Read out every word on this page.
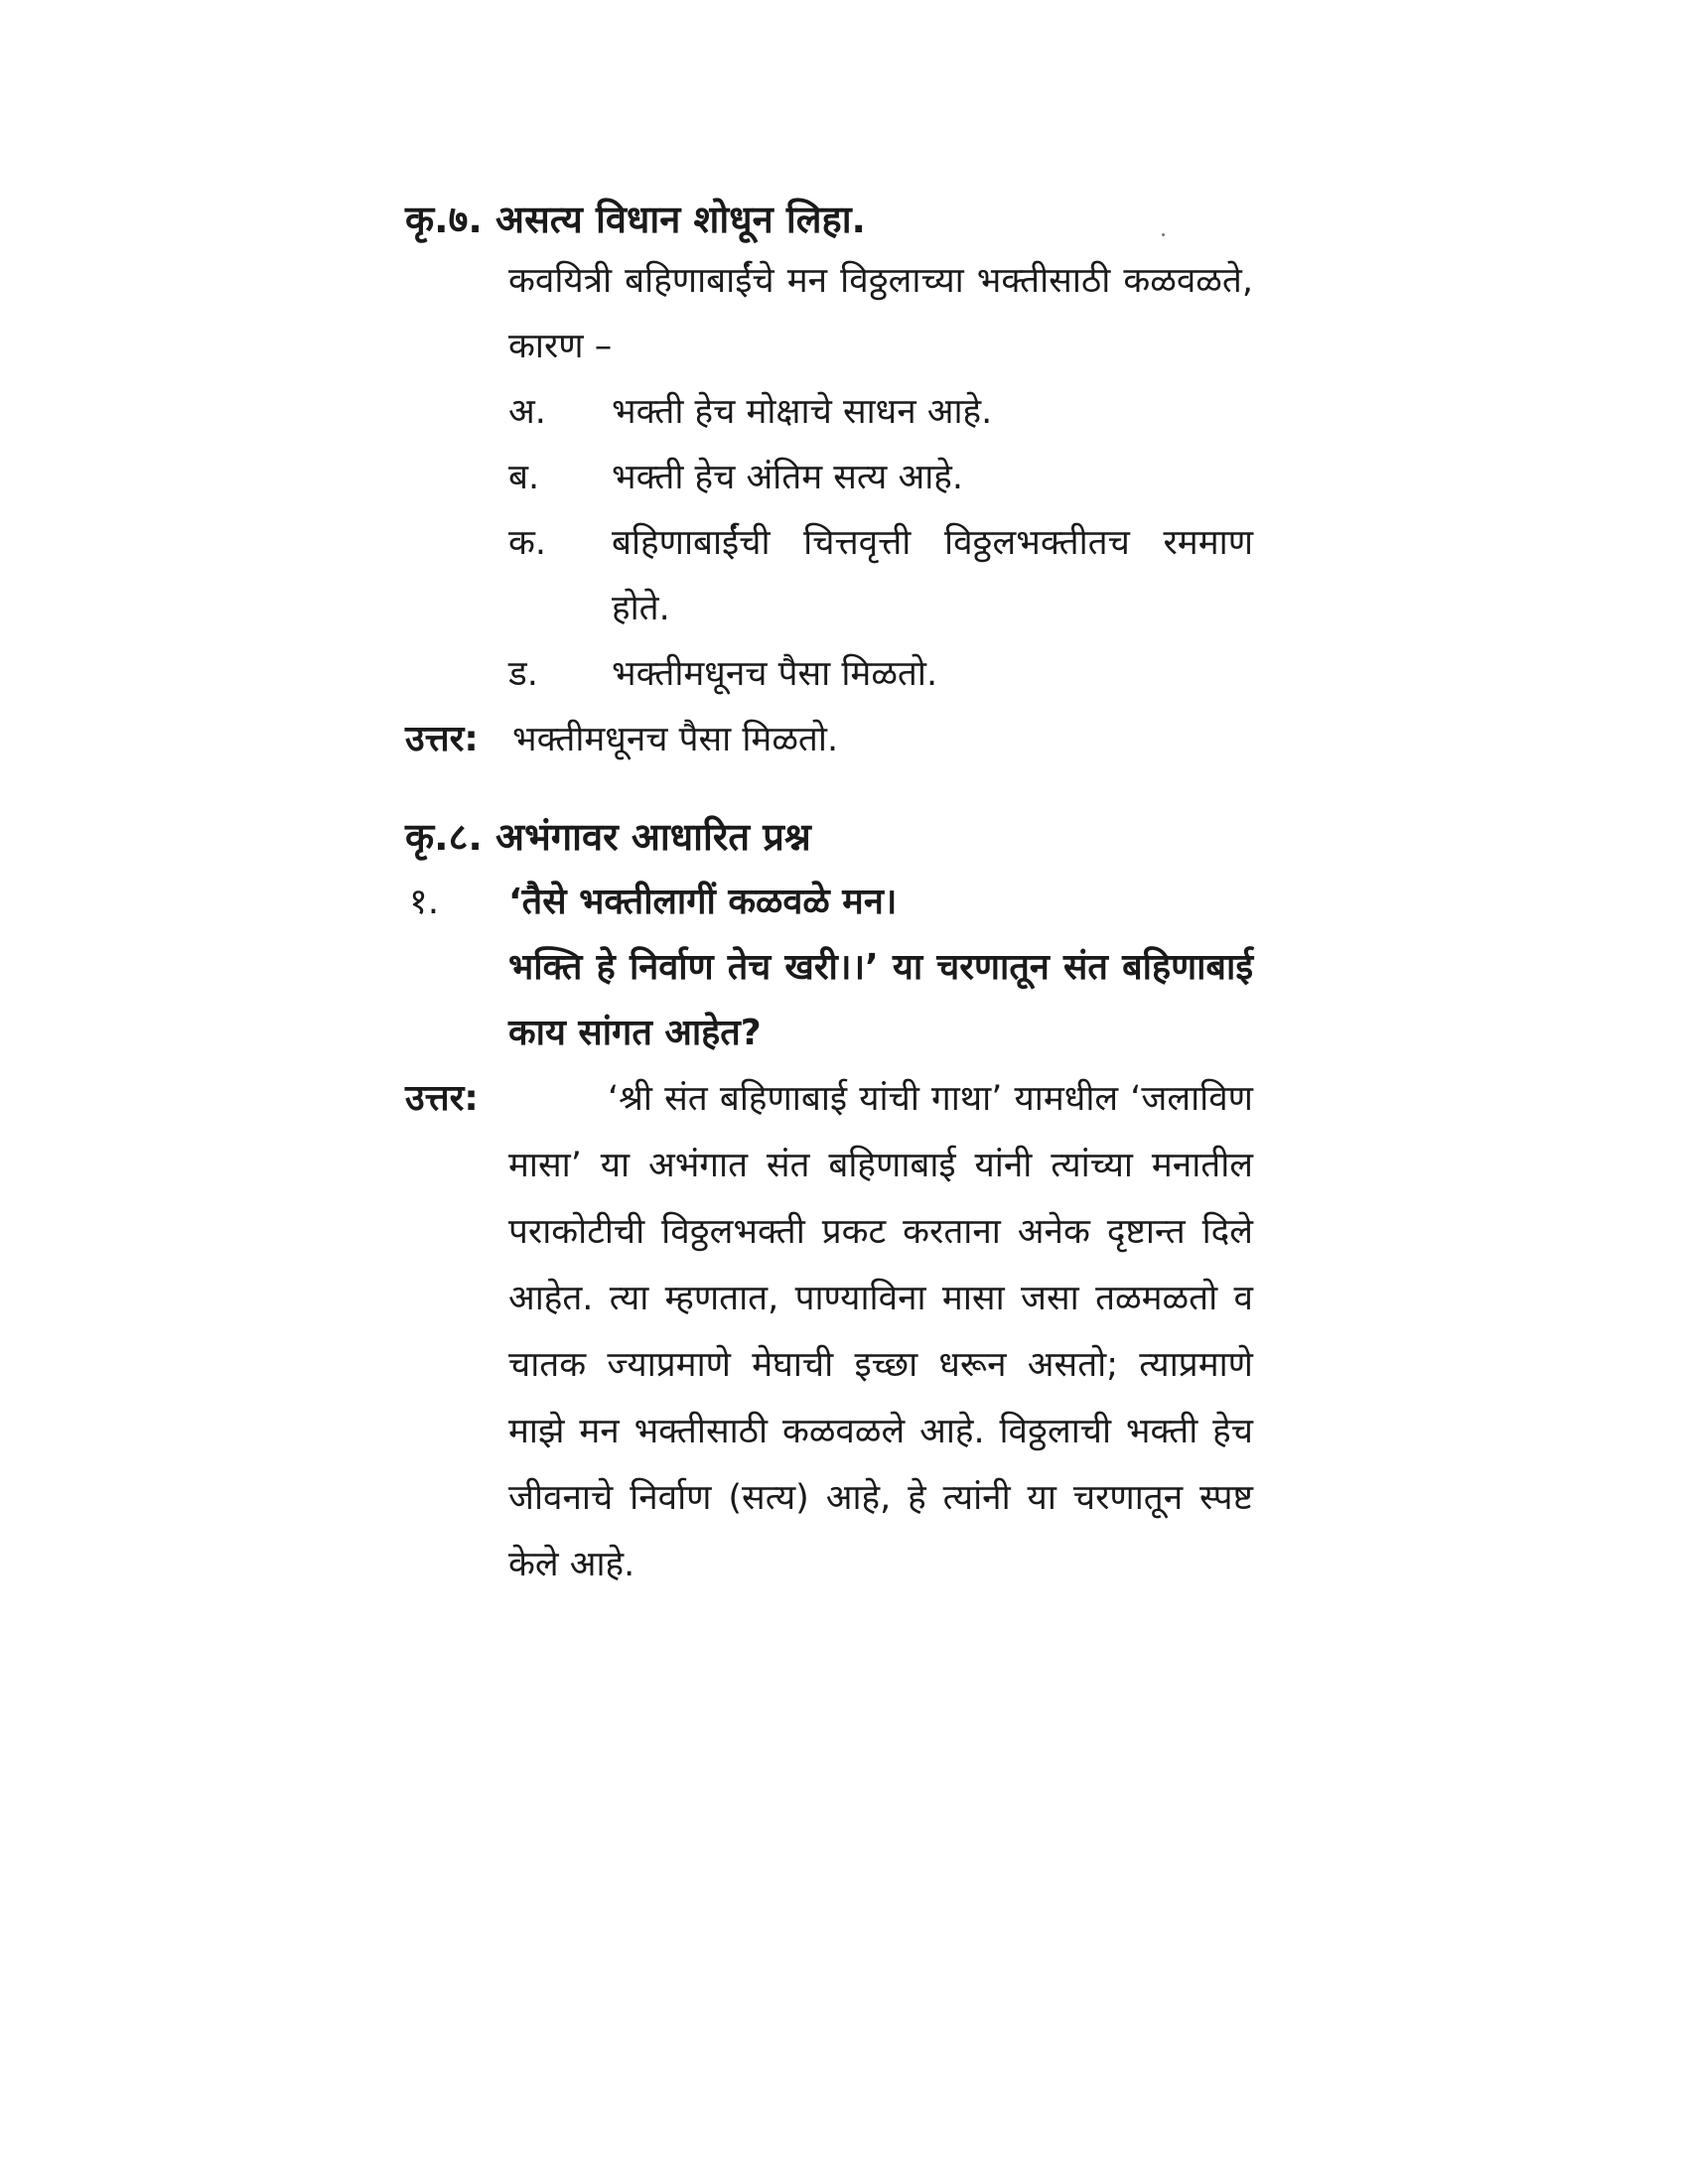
कृ.७. असत्य विधान शोधून लिहा.
कवयित्री बहिणाबाईंचे मन विठ्ठलाच्या भक्तीसाठी कळवळते, कारण –
अ. भक्ती हेच मोक्षाचे साधन आहे.
ब. भक्ती हेच अंतिम सत्य आहे.
क. बहिणाबाईंची चित्तवृत्ती विठ्ठलभक्तीतच रममाण होते.
ड. भक्तीमधूनच पैसा मिळतो.
उत्तर: भक्तीमधूनच पैसा मिळतो.
कृ.८. अभंगावर आधारित प्रश्न
१. ‘तैसे भक्तीलागीं कळवळे मन।
भक्ति हे निर्वाण तेच खरी।।’ या चरणातून संत बहिणाबाई काय सांगत आहेत?
उत्तर:	‘श्री संत बहिणाबाई यांची गाथा’ यामधील ‘जलाविण मासा’ या अभंगात संत बहिणाबाई यांनी त्यांच्या मनातील पराकोटीची विठ्ठलभक्ती प्रकट करताना अनेक दृष्टान्त दिले आहेत. त्या म्हणतात, पाण्याविना मासा जसा तळमळतो व चातक ज्याप्रमाणे मेघाची इच्छा धरून असतो; त्याप्रमाणे माझे मन भक्तीसाठी कळवळले आहे. विठ्ठलाची भक्ती हेच जीवनाचे निर्वाण (सत्य) आहे, हे त्यांनी या चरणातून स्पष्ट केले आहे.
